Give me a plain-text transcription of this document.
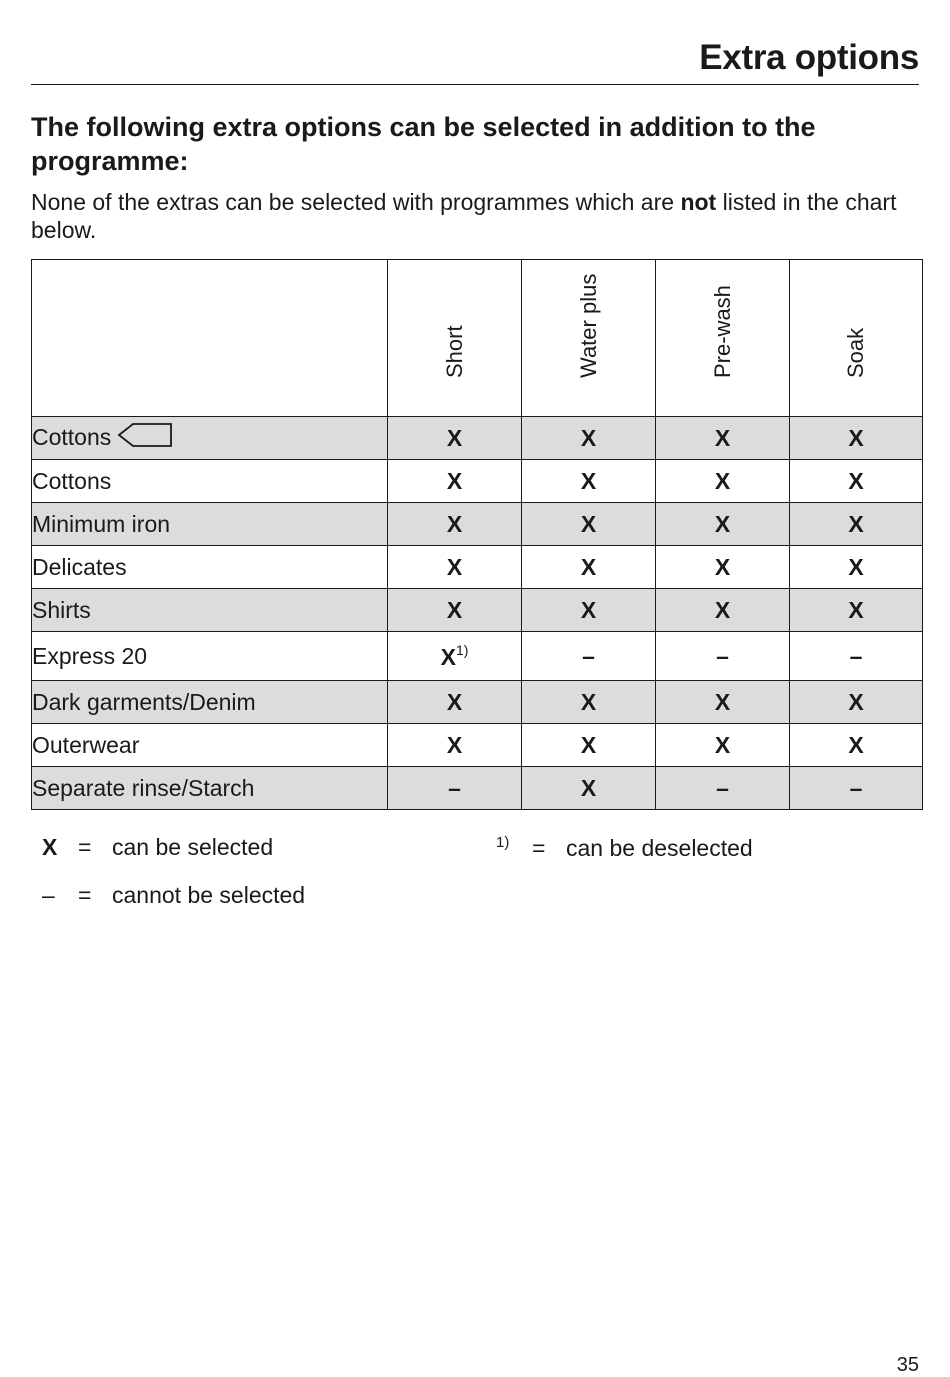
Extra options
The following extra options can be selected in addition to the programme:
None of the extras can be selected with programmes which are not listed in the chart below.

	Short	Water plus	Pre-wash	Soak

Cottons	X	X	X	X
Cottons	X	X	X	X
Minimum iron	X	X	X	X
Delicates	X	X	X	X
Shirts	X	X	X	X
Express 20	$X^{1)}$	–	–	–
Dark garments/Denim	X	X	X	X
Outerwear	X	X	X	X
Separate rinse/Starch	–	X	–	–
X = can be selected
– = cannot be selected
1) = can be deselected
35
